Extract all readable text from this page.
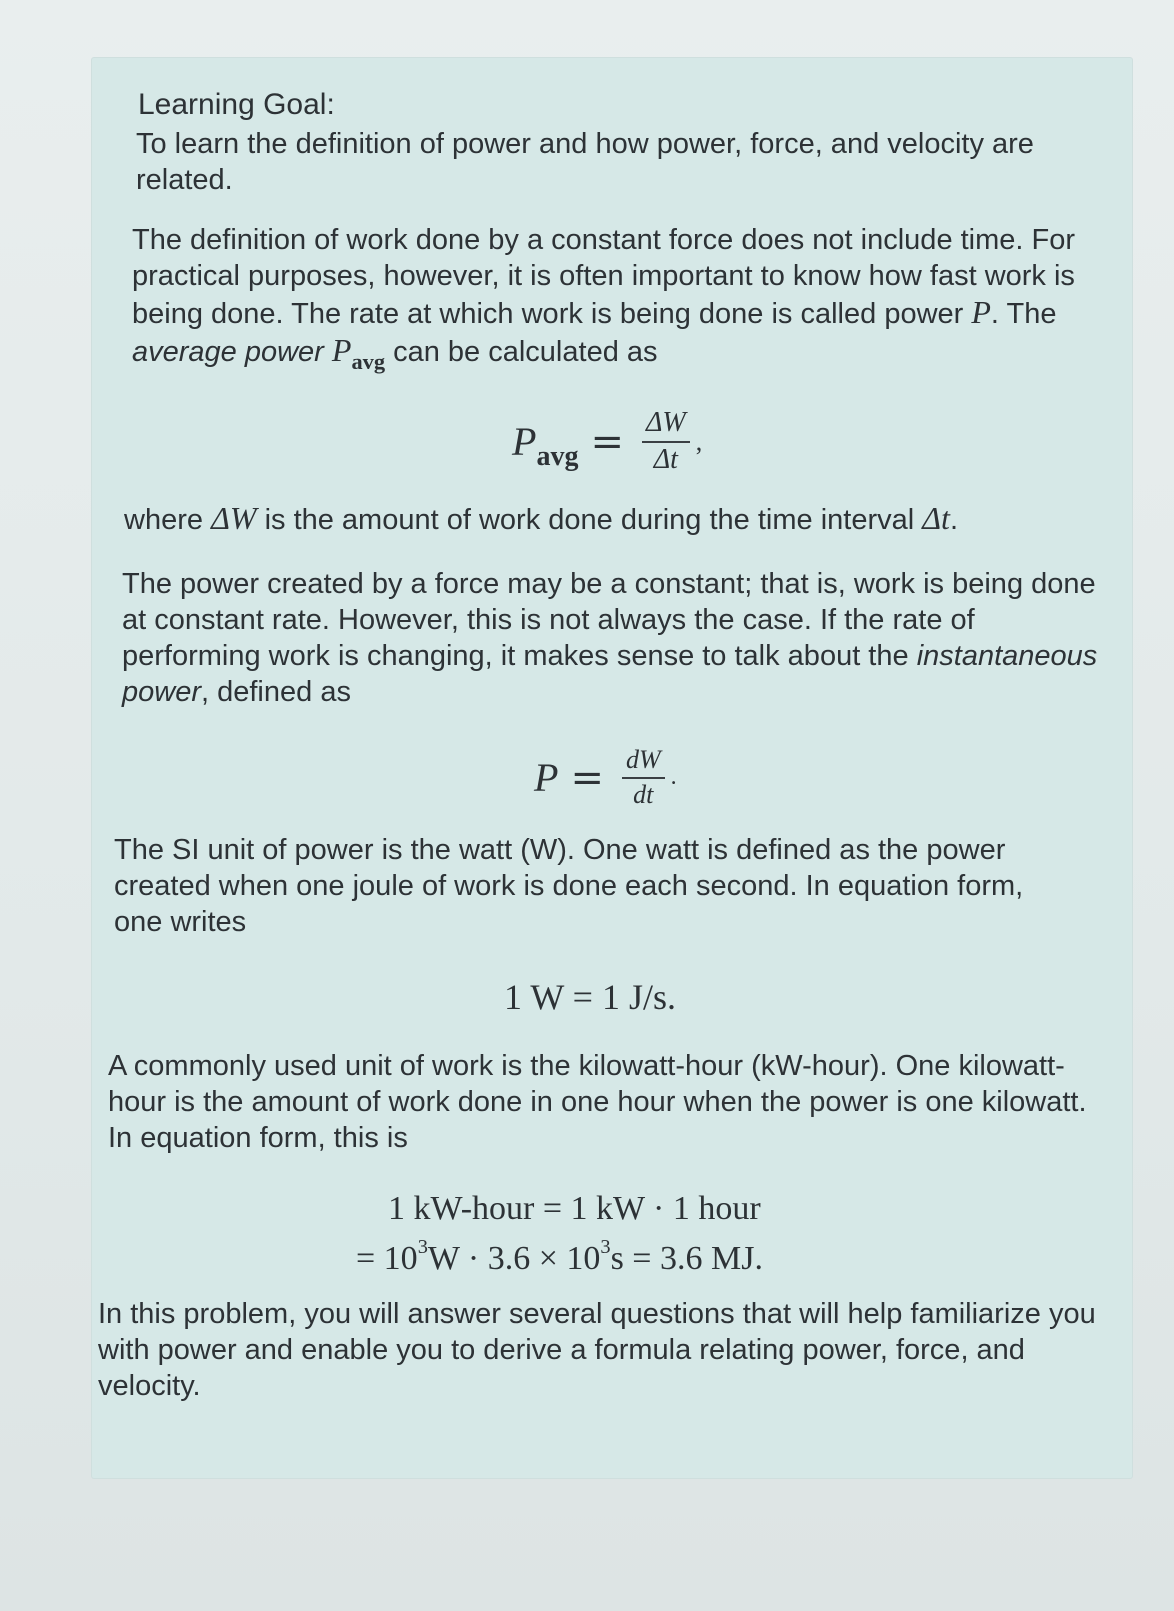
Learning Goal:

To learn the definition of power and how power, force, and velocity are related.

The definition of work done by a constant force does not include time. For practical purposes, however, it is often important to know how fast work is being done. The rate at which work is being done is called power P. The average power $P_{avg}$ can be calculated as

$P_{avg} = \frac{\Delta W}{\Delta t}$ ,

where ΔW is the amount of work done during the time interval Δt.

The power created by a force may be a constant; that is, work is being done at constant rate. However, this is not always the case. If the rate of performing work is changing, it makes sense to talk about the instantaneous power, defined as

$P = \frac{dW}{dt}$ .

The SI unit of power is the watt (W). One watt is defined as the power created when one joule of work is done each second. In equation form, one writes

1 W = 1 J/s.

A commonly used unit of work is the kilowatt-hour (kW-hour). One kilowatt-hour is the amount of work done in one hour when the power is one kilowatt. In equation form, this is

1 kW-hour = 1 kW · 1 hour
= 10 3 W · 3.6 × 10 3 s = 3.6 MJ.

In this problem, you will answer several questions that will help familiarize you with power and enable you to derive a formula relating power, force, and velocity.
